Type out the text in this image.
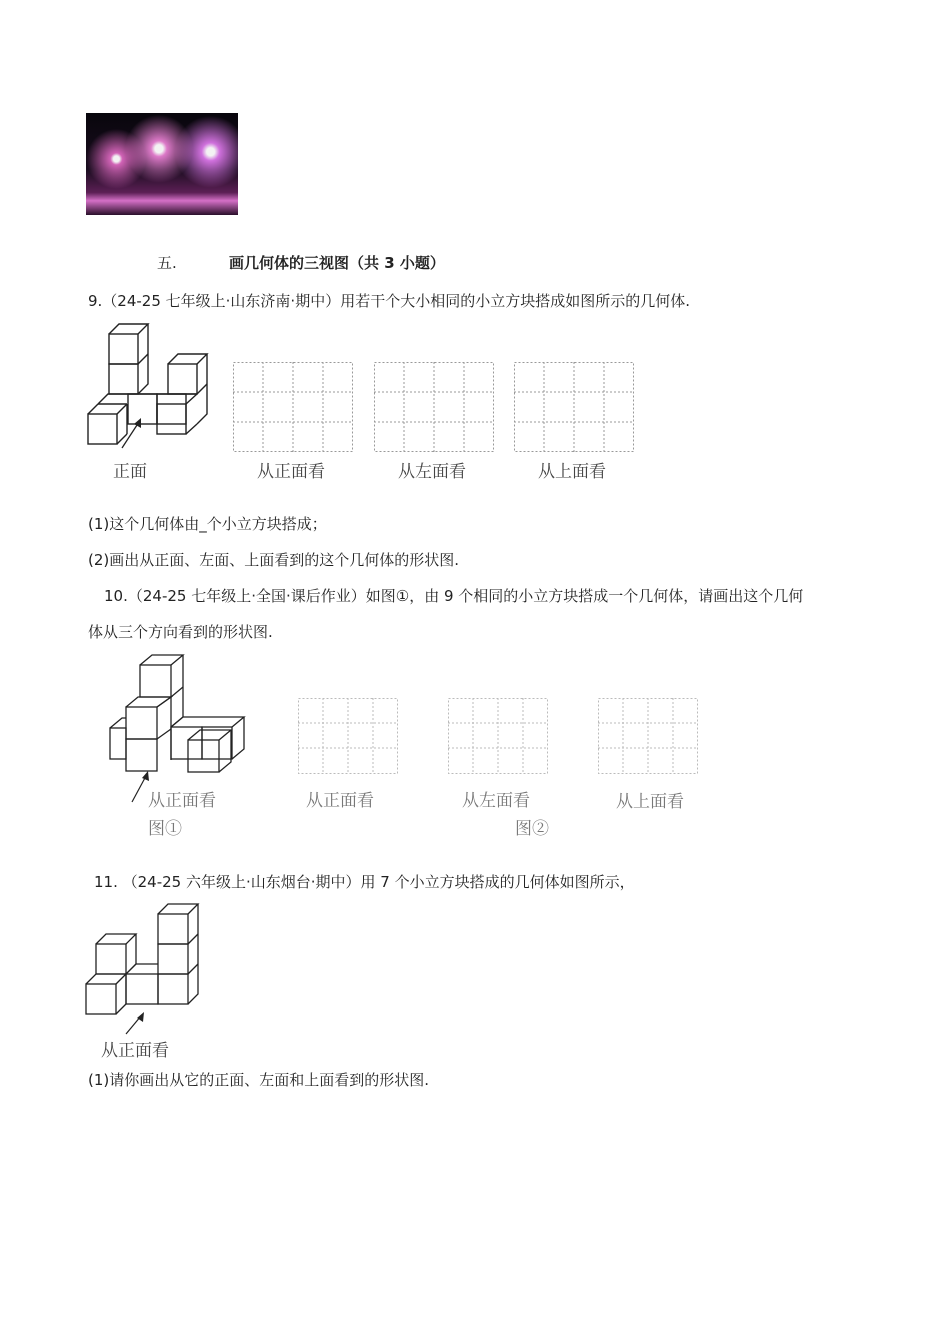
五.	画几何体的三视图（共 3 小题）
9.（24-25 七年级上·山东济南·期中）用若干个大小相同的小立方块搭成如图所示的几何体.
正面	从正面看	从左面看	从上面看
(1)这个几何体由_个小立方块搭成；
(2)画出从正面、左面、上面看到的这个几何体的形状图.
10.（24-25 七年级上·全国·课后作业）如图①，由 9 个相同的小立方块搭成一个几何体，请画出这个几何
体从三个方向看到的形状图.
从正面看
图①
从正面看	从左面看	从上面看
图②
11. （24-25 六年级上·山东烟台·期中）用 7 个小立方块搭成的几何体如图所示，
从正面看
(1)请你画出从它的正面、左面和上面看到的形状图.
